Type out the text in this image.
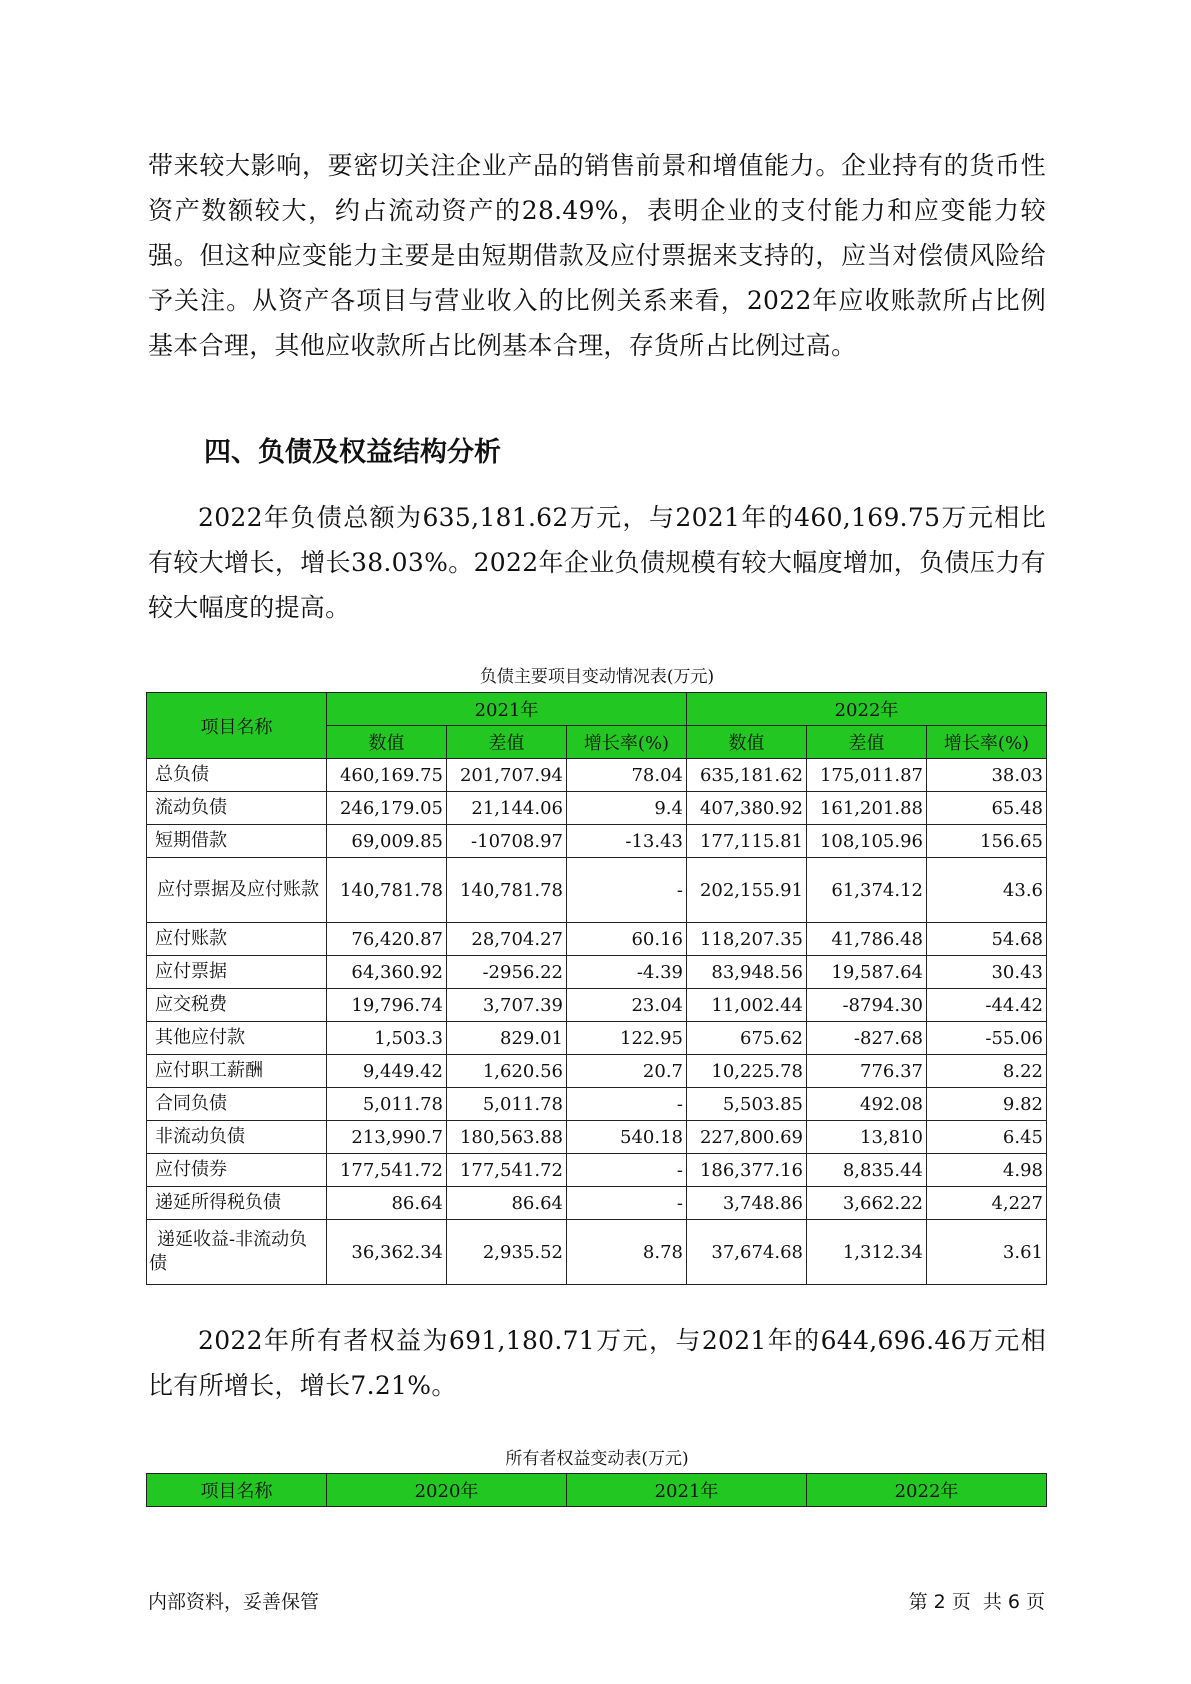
带来较大影响，要密切关注企业产品的销售前景和增值能力。企业持有的货币性资产数额较大，约占流动资产的28.49%，表明企业的支付能力和应变能力较强。但这种应变能力主要是由短期借款及应付票据来支持的，应当对偿债风险给予关注。从资产各项目与营业收入的比例关系来看，2022年应收账款所占比例基本合理，其他应收款所占比例基本合理，存货所占比例过高。

四、负债及权益结构分析

2022年负债总额为635,181.62万元，与2021年的460,169.75万元相比有较大增长，增长38.03%。2022年企业负债规模有较大幅度增加，负债压力有较大幅度的提高。

负债主要项目变动情况表(万元)
项目名称	2021年			2022年		
	数值	差值	增长率(%)	数值	差值	增长率(%)
总负债	460,169.75	201,707.94	78.04	635,181.62	175,011.87	38.03
流动负债	246,179.05	21,144.06	9.4	407,380.92	161,201.88	65.48
短期借款	69,009.85	-10708.97	-13.43	177,115.81	108,105.96	156.65
应付票据及应付账款	140,781.78	140,781.78	-	202,155.91	61,374.12	43.6
应付账款	76,420.87	28,704.27	60.16	118,207.35	41,786.48	54.68
应付票据	64,360.92	-2956.22	-4.39	83,948.56	19,587.64	30.43
应交税费	19,796.74	3,707.39	23.04	11,002.44	-8794.30	-44.42
其他应付款	1,503.3	829.01	122.95	675.62	-827.68	-55.06
应付职工薪酬	9,449.42	1,620.56	20.7	10,225.78	776.37	8.22
合同负债	5,011.78	5,011.78	-	5,503.85	492.08	9.82
非流动负债	213,990.7	180,563.88	540.18	227,800.69	13,810	6.45
应付债券	177,541.72	177,541.72	-	186,377.16	8,835.44	4.98
递延所得税负债	86.64	86.64	-	3,748.86	3,662.22	4,227
递延收益-非流动负债	36,362.34	2,935.52	8.78	37,674.68	1,312.34	3.61

2022年所有者权益为691,180.71万元，与2021年的644,696.46万元相比有所增长，增长7.21%。

所有者权益变动表(万元)
项目名称	2020年	2021年	2022年
内部资料，妥善保管	第 2 页  共 6 页
